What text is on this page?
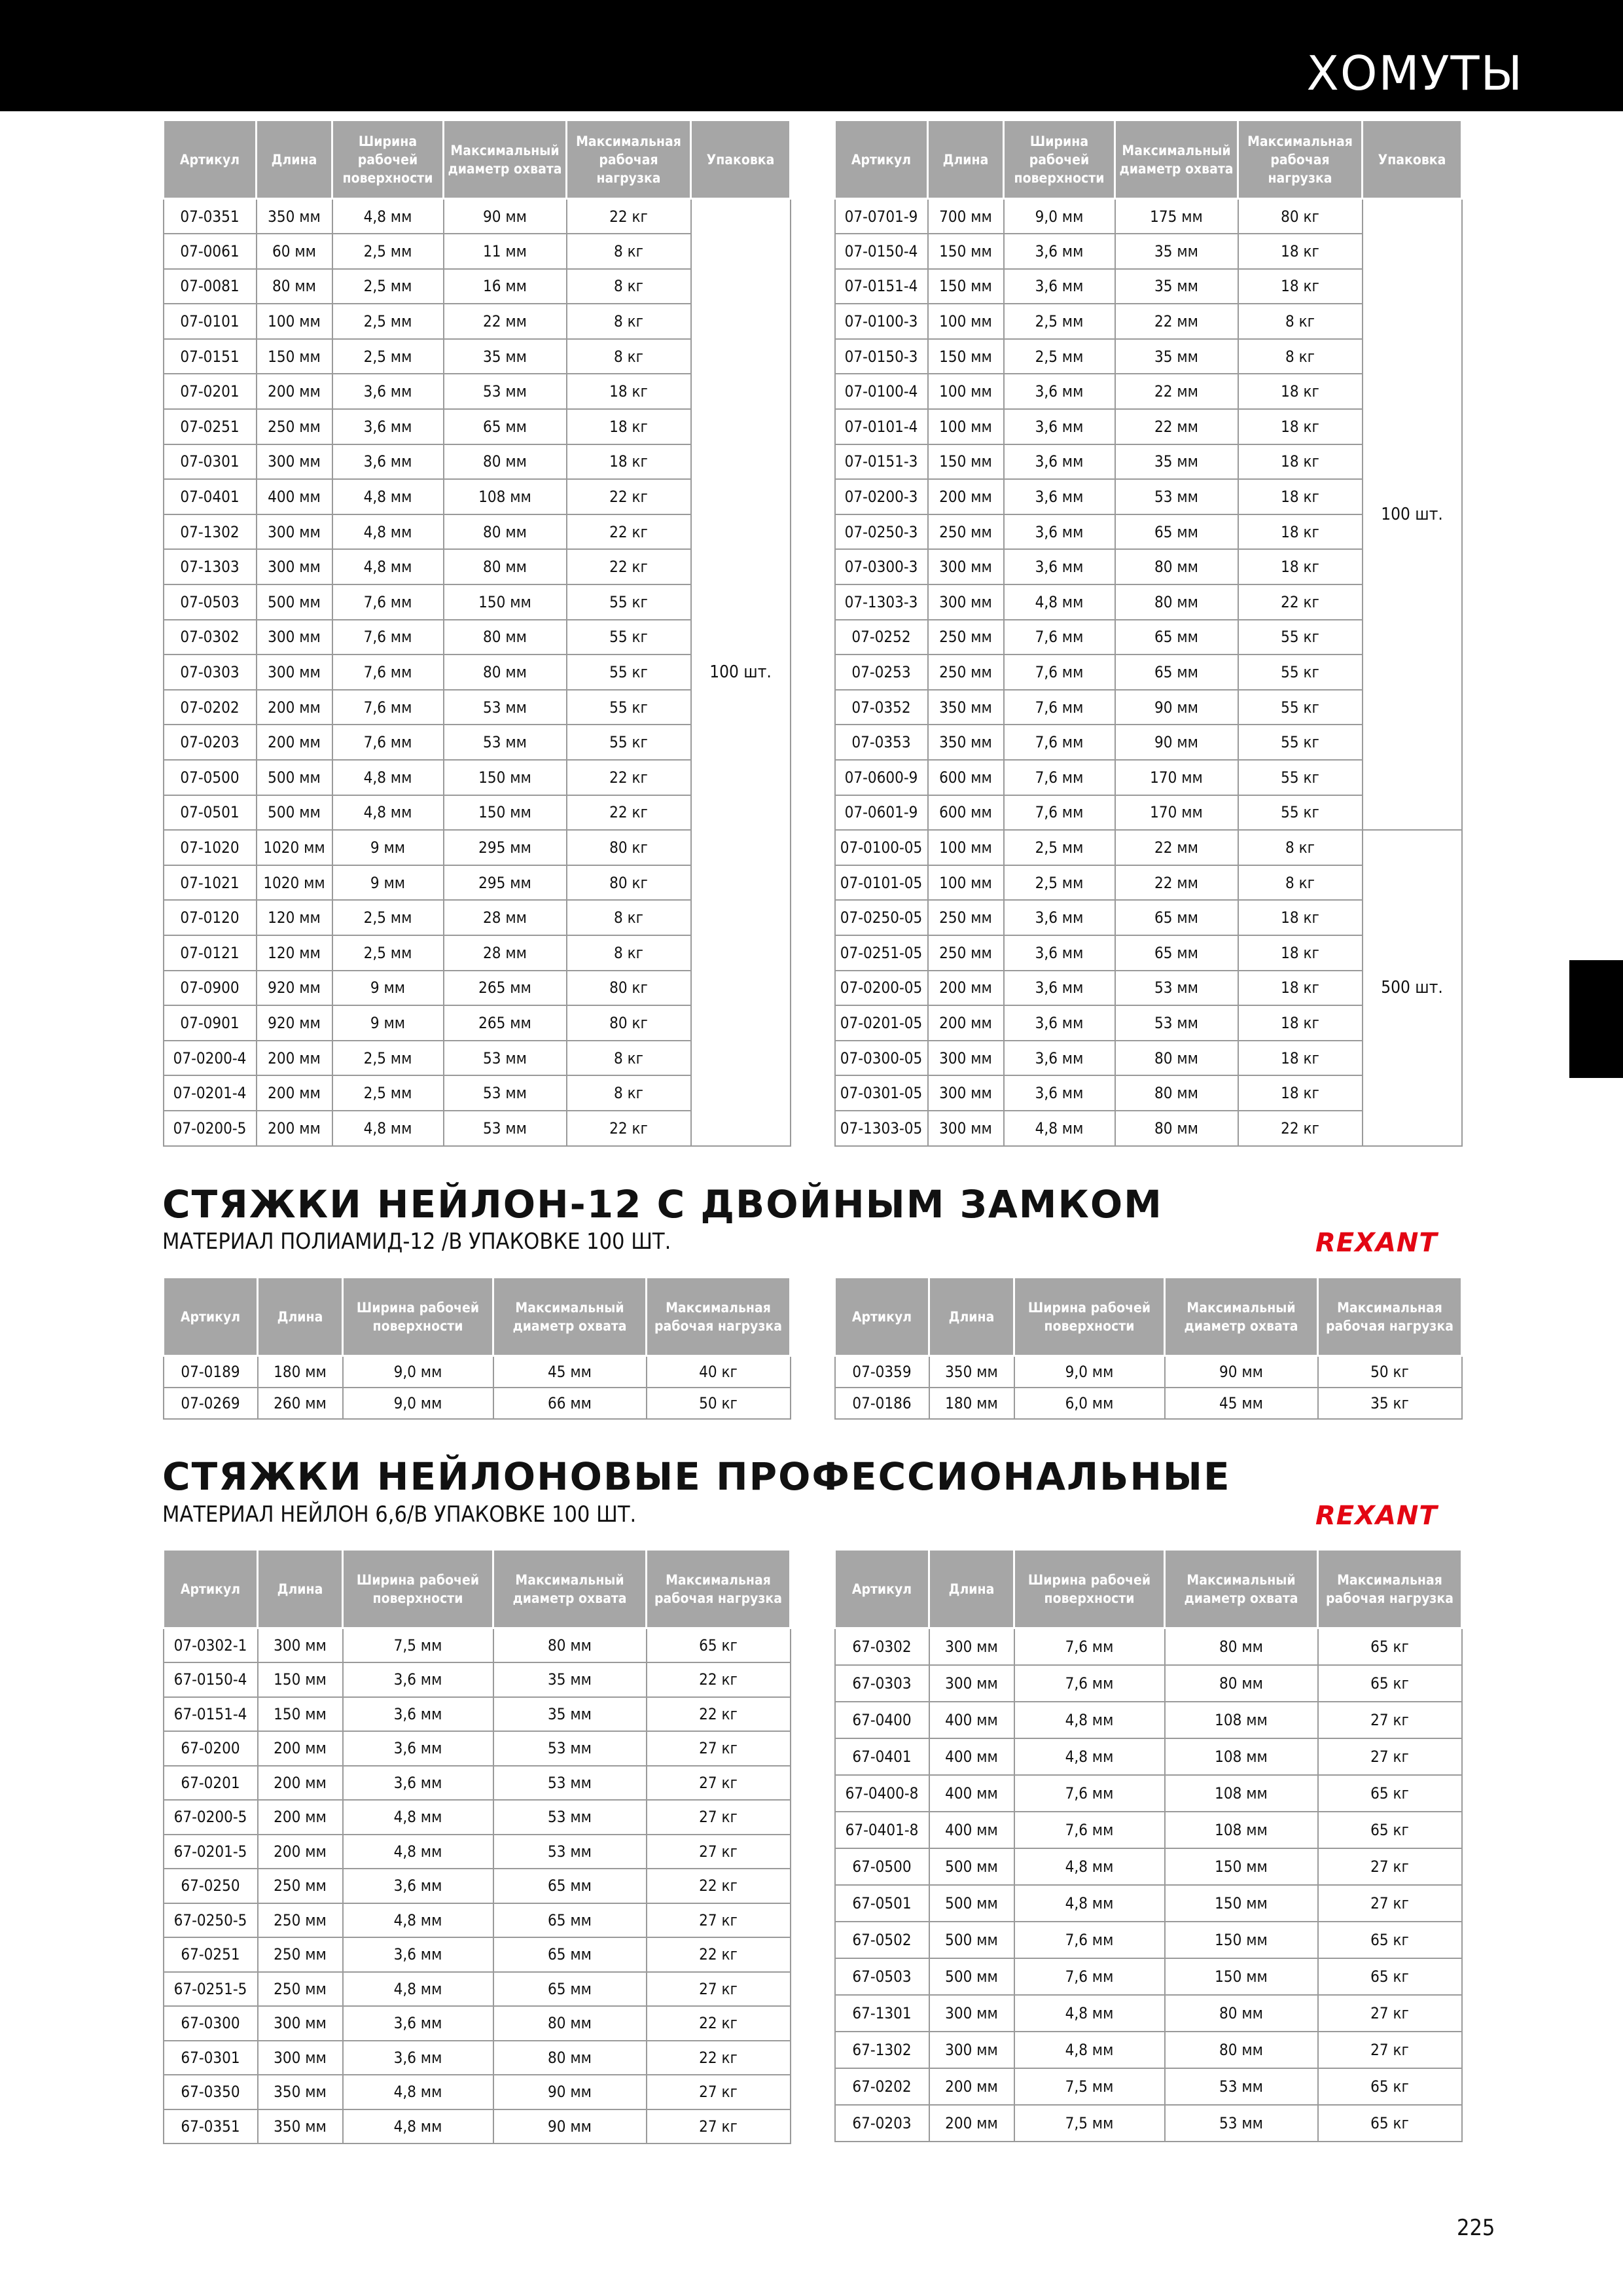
ХОМУТЫ
Артикул	Длина	Ширина рабочей поверхности	Максимальный диаметр охвата	Максимальная рабочая нагрузка	Упаковка
07-0351	350 мм	4,8 мм	90 мм	22 кг	100 шт.
07-0061	60 мм	2,5 мм	11 мм	8 кг	
07-0081	80 мм	2,5 мм	16 мм	8 кг	
07-0101	100 мм	2,5 мм	22 мм	8 кг	
07-0151	150 мм	2,5 мм	35 мм	8 кг	
07-0201	200 мм	3,6 мм	53 мм	18 кг	
07-0251	250 мм	3,6 мм	65 мм	18 кг	
07-0301	300 мм	3,6 мм	80 мм	18 кг	
07-0401	400 мм	4,8 мм	108 мм	22 кг	
07-1302	300 мм	4,8 мм	80 мм	22 кг	
07-1303	300 мм	4,8 мм	80 мм	22 кг	
07-0503	500 мм	7,6 мм	150 мм	55 кг	
07-0302	300 мм	7,6 мм	80 мм	55 кг	
07-0303	300 мм	7,6 мм	80 мм	55 кг	
07-0202	200 мм	7,6 мм	53 мм	55 кг	
07-0203	200 мм	7,6 мм	53 мм	55 кг	
07-0500	500 мм	4,8 мм	150 мм	22 кг	
07-0501	500 мм	4,8 мм	150 мм	22 кг	
07-1020	1020 мм	9 мм	295 мм	80 кг	
07-1021	1020 мм	9 мм	295 мм	80 кг	
07-0120	120 мм	2,5 мм	28 мм	8 кг	
07-0121	120 мм	2,5 мм	28 мм	8 кг	
07-0900	920 мм	9 мм	265 мм	80 кг	
07-0901	920 мм	9 мм	265 мм	80 кг	
07-0200-4	200 мм	2,5 мм	53 мм	8 кг	
07-0201-4	200 мм	2,5 мм	53 мм	8 кг	
07-0200-5	200 мм	4,8 мм	53 мм	22 кг	
Артикул	Длина	Ширина рабочей поверхности	Максимальный диаметр охвата	Максимальная рабочая нагрузка	Упаковка
07-0701-9	700 мм	9,0 мм	175 мм	80 кг	100 шт.
07-0150-4	150 мм	3,6 мм	35 мм	18 кг	
07-0151-4	150 мм	3,6 мм	35 мм	18 кг	
07-0100-3	100 мм	2,5 мм	22 мм	8 кг	
07-0150-3	150 мм	2,5 мм	35 мм	8 кг	
07-0100-4	100 мм	3,6 мм	22 мм	18 кг	
07-0101-4	100 мм	3,6 мм	22 мм	18 кг	
07-0151-3	150 мм	3,6 мм	35 мм	18 кг	
07-0200-3	200 мм	3,6 мм	53 мм	18 кг	
07-0250-3	250 мм	3,6 мм	65 мм	18 кг	
07-0300-3	300 мм	3,6 мм	80 мм	18 кг	
07-1303-3	300 мм	4,8 мм	80 мм	22 кг	
07-0252	250 мм	7,6 мм	65 мм	55 кг	
07-0253	250 мм	7,6 мм	65 мм	55 кг	
07-0352	350 мм	7,6 мм	90 мм	55 кг	
07-0353	350 мм	7,6 мм	90 мм	55 кг	
07-0600-9	600 мм	7,6 мм	170 мм	55 кг	
07-0601-9	600 мм	7,6 мм	170 мм	55 кг	
07-0100-05	100 мм	2,5 мм	22 мм	8 кг	500 шт.
07-0101-05	100 мм	2,5 мм	22 мм	8 кг	
07-0250-05	250 мм	3,6 мм	65 мм	18 кг	
07-0251-05	250 мм	3,6 мм	65 мм	18 кг	
07-0200-05	200 мм	3,6 мм	53 мм	18 кг	
07-0201-05	200 мм	3,6 мм	53 мм	18 кг	
07-0300-05	300 мм	3,6 мм	80 мм	18 кг	
07-0301-05	300 мм	3,6 мм	80 мм	18 кг	
07-1303-05	300 мм	4,8 мм	80 мм	22 кг	
СТЯЖКИ НЕЙЛОН-12 С ДВОЙНЫМ ЗАМКОМ
МАТЕРИАЛ ПОЛИАМИД-12 /В УПАКОВКЕ 100 ШТ.	REXANT
Артикул	Длина	Ширина рабочей поверхности	Максимальный диаметр охвата	Максимальная рабочая нагрузка
07-0189	180 мм	9,0 мм	45 мм	40 кг
07-0269	260 мм	9,0 мм	66 мм	50 кг
Артикул	Длина	Ширина рабочей поверхности	Максимальный диаметр охвата	Максимальная рабочая нагрузка
07-0359	350 мм	9,0 мм	90 мм	50 кг
07-0186	180 мм	6,0 мм	45 мм	35 кг
СТЯЖКИ НЕЙЛОНОВЫЕ ПРОФЕССИОНАЛЬНЫЕ
МАТЕРИАЛ НЕЙЛОН 6,6/В УПАКОВКЕ 100 ШТ.	REXANT
Артикул	Длина	Ширина рабочей поверхности	Максимальный диаметр охвата	Максимальная рабочая нагрузка
07-0302-1	300 мм	7,5 мм	80 мм	65 кг
67-0150-4	150 мм	3,6 мм	35 мм	22 кг
67-0151-4	150 мм	3,6 мм	35 мм	22 кг
67-0200	200 мм	3,6 мм	53 мм	27 кг
67-0201	200 мм	3,6 мм	53 мм	27 кг
67-0200-5	200 мм	4,8 мм	53 мм	27 кг
67-0201-5	200 мм	4,8 мм	53 мм	27 кг
67-0250	250 мм	3,6 мм	65 мм	22 кг
67-0250-5	250 мм	4,8 мм	65 мм	27 кг
67-0251	250 мм	3,6 мм	65 мм	22 кг
67-0251-5	250 мм	4,8 мм	65 мм	27 кг
67-0300	300 мм	3,6 мм	80 мм	22 кг
67-0301	300 мм	3,6 мм	80 мм	22 кг
67-0350	350 мм	4,8 мм	90 мм	27 кг
67-0351	350 мм	4,8 мм	90 мм	27 кг
Артикул	Длина	Ширина рабочей поверхности	Максимальный диаметр охвата	Максимальная рабочая нагрузка
67-0302	300 мм	7,6 мм	80 мм	65 кг
67-0303	300 мм	7,6 мм	80 мм	65 кг
67-0400	400 мм	4,8 мм	108 мм	27 кг
67-0401	400 мм	4,8 мм	108 мм	27 кг
67-0400-8	400 мм	7,6 мм	108 мм	65 кг
67-0401-8	400 мм	7,6 мм	108 мм	65 кг
67-0500	500 мм	4,8 мм	150 мм	27 кг
67-0501	500 мм	4,8 мм	150 мм	27 кг
67-0502	500 мм	7,6 мм	150 мм	65 кг
67-0503	500 мм	7,6 мм	150 мм	65 кг
67-1301	300 мм	4,8 мм	80 мм	27 кг
67-1302	300 мм	4,8 мм	80 мм	27 кг
67-0202	200 мм	7,5 мм	53 мм	65 кг
67-0203	200 мм	7,5 мм	53 мм	65 кг
225
